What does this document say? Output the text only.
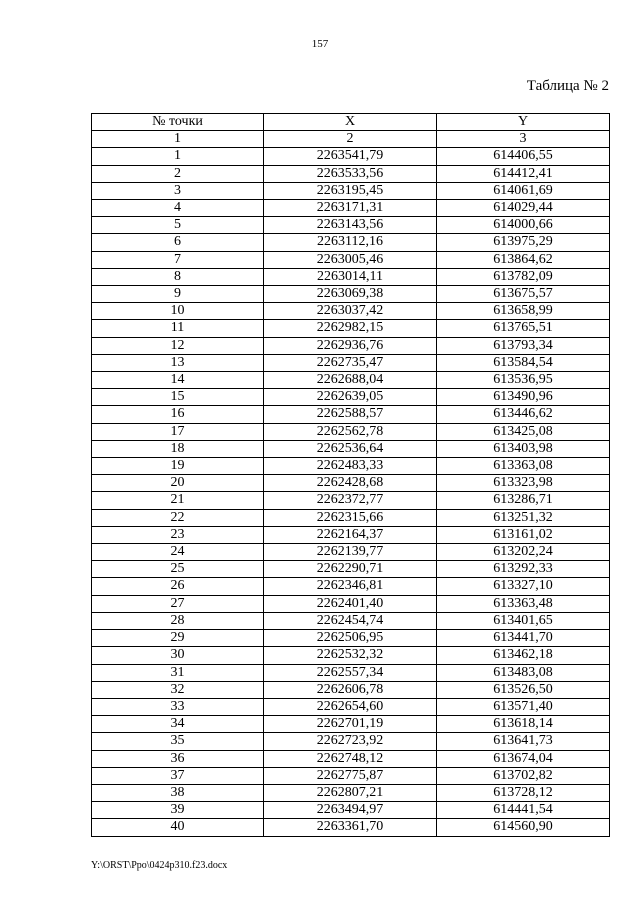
157
Таблица № 2
№ точки	X	Y
1	2	3
1	2263541,79	614406,55
2	2263533,56	614412,41
3	2263195,45	614061,69
4	2263171,31	614029,44
5	2263143,56	614000,66
6	2263112,16	613975,29
7	2263005,46	613864,62
8	2263014,11	613782,09
9	2263069,38	613675,57
10	2263037,42	613658,99
11	2262982,15	613765,51
12	2262936,76	613793,34
13	2262735,47	613584,54
14	2262688,04	613536,95
15	2262639,05	613490,96
16	2262588,57	613446,62
17	2262562,78	613425,08
18	2262536,64	613403,98
19	2262483,33	613363,08
20	2262428,68	613323,98
21	2262372,77	613286,71
22	2262315,66	613251,32
23	2262164,37	613161,02
24	2262139,77	613202,24
25	2262290,71	613292,33
26	2262346,81	613327,10
27	2262401,40	613363,48
28	2262454,74	613401,65
29	2262506,95	613441,70
30	2262532,32	613462,18
31	2262557,34	613483,08
32	2262606,78	613526,50
33	2262654,60	613571,40
34	2262701,19	613618,14
35	2262723,92	613641,73
36	2262748,12	613674,04
37	2262775,87	613702,82
38	2262807,21	613728,12
39	2263494,97	614441,54
40	2263361,70	614560,90
Y:\ORST\Ppo\0424p310.f23.docx
